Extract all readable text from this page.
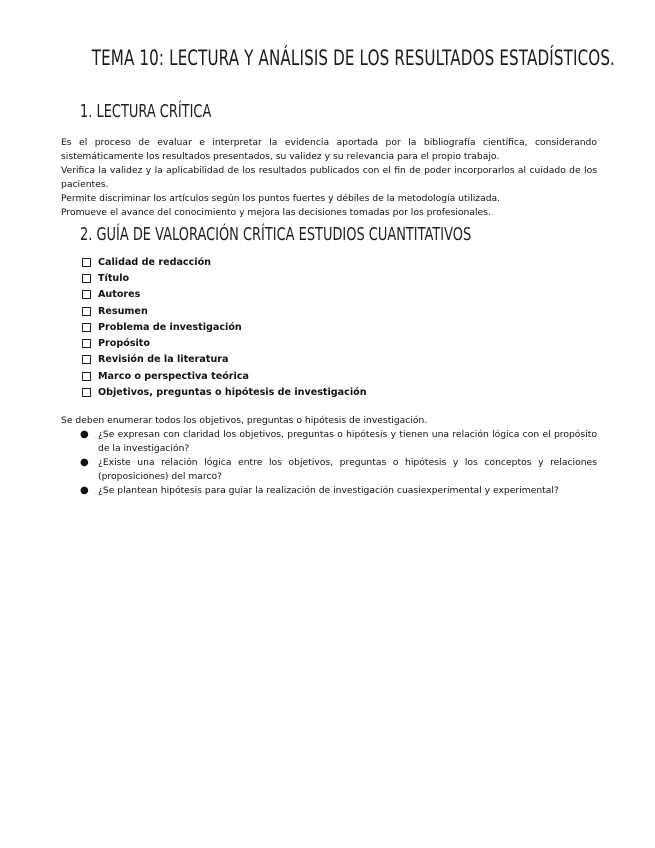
TEMA 10: LECTURA Y ANÁLISIS DE LOS RESULTADOS ESTADÍSTICOS.
1. LECTURA CRÍTICA

Es el proceso de evaluar e interpretar la evidencia aportada por la bibliografía científica, considerando sistemáticamente los resultados presentados, su validez y su relevancia para el propio trabajo.

Verifica la validez y la aplicabilidad de los resultados publicados con el fin de poder incorporarlos al cuidado de los pacientes.

Permite discriminar los artículos según los puntos fuertes y débiles de la metodología utilizada.

Promueve el avance del conocimiento y mejora las decisiones tomadas por los profesionales.

2. GUÍA DE VALORACIÓN CRÍTICA ESTUDIOS CUANTITATIVOS
Calidad de redacción
Título
Autores
Resumen
Problema de investigación
Propósito
Revisión de la literatura
Marco o perspectiva teórica
Objetivos, preguntas o hipótesis de investigación

Se deben enumerar todos los objetivos, preguntas o hipótesis de investigación.

● ¿Se expresan con claridad los objetivos, preguntas o hipótesis y tienen una relación lógica con el propósito de la investigación?
● ¿Existe una relación lógica entre los objetivos, preguntas o hipótesis y los conceptos y relaciones (proposiciones) del marco?
● ¿Se plantean hipótesis para guiar la realización de investigación cuasiexperimental y experimental?
